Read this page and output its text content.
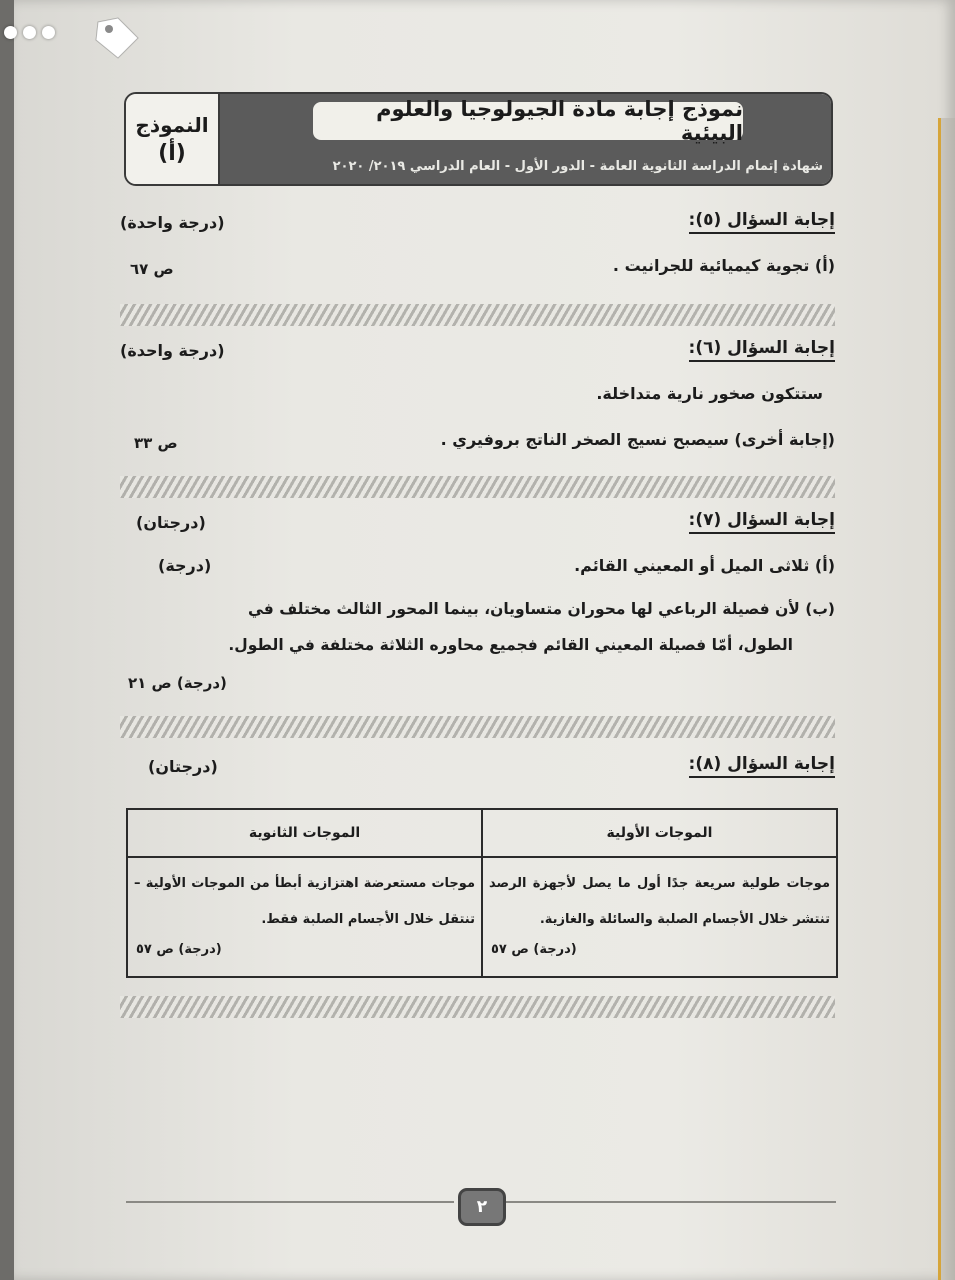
النموذج
(أ)
نموذج إجابة مادة الجيولوجيا والعلوم البيئية
شهادة إتمام الدراسة الثانوية العامة - الدور الأول - العام الدراسي ٢٠١٩/ ٢٠٢٠
إجابة السؤال (٥):
(درجة واحدة)
(أ) تجوية كيميائية للجرانيت .
ص ٦٧
إجابة السؤال (٦):
(درجة واحدة)
ستتكون صخور نارية متداخلة.
(إجابة أخرى) سيصبح نسيج الصخر الناتج بروفيري .
ص ٣٣
إجابة السؤال (٧):
(درجتان)
(أ) ثلاثى الميل أو المعيني القائم.
(درجة)
(ب) لأن فصيلة الرباعي لها محوران متساويان، بينما المحور الثالث مختلف في
الطول، أمّا فصيلة المعيني القائم فجميع محاوره الثلاثة مختلفة في الطول.
(درجة) ص ٢١
إجابة السؤال (٨):
(درجتان)
الموجات الأولية
موجات طولية سريعة جدًا أول ما يصل لأجهزة الرصد تنتشر خلال الأجسام الصلبة والسائلة والغازية.
(درجة) ص ٥٧
الموجات الثانوية
موجات مستعرضة اهتزازية أبطأ من الموجات الأولية – تنتقل خلال الأجسام الصلبة فقط.
(درجة) ص ٥٧
٢
